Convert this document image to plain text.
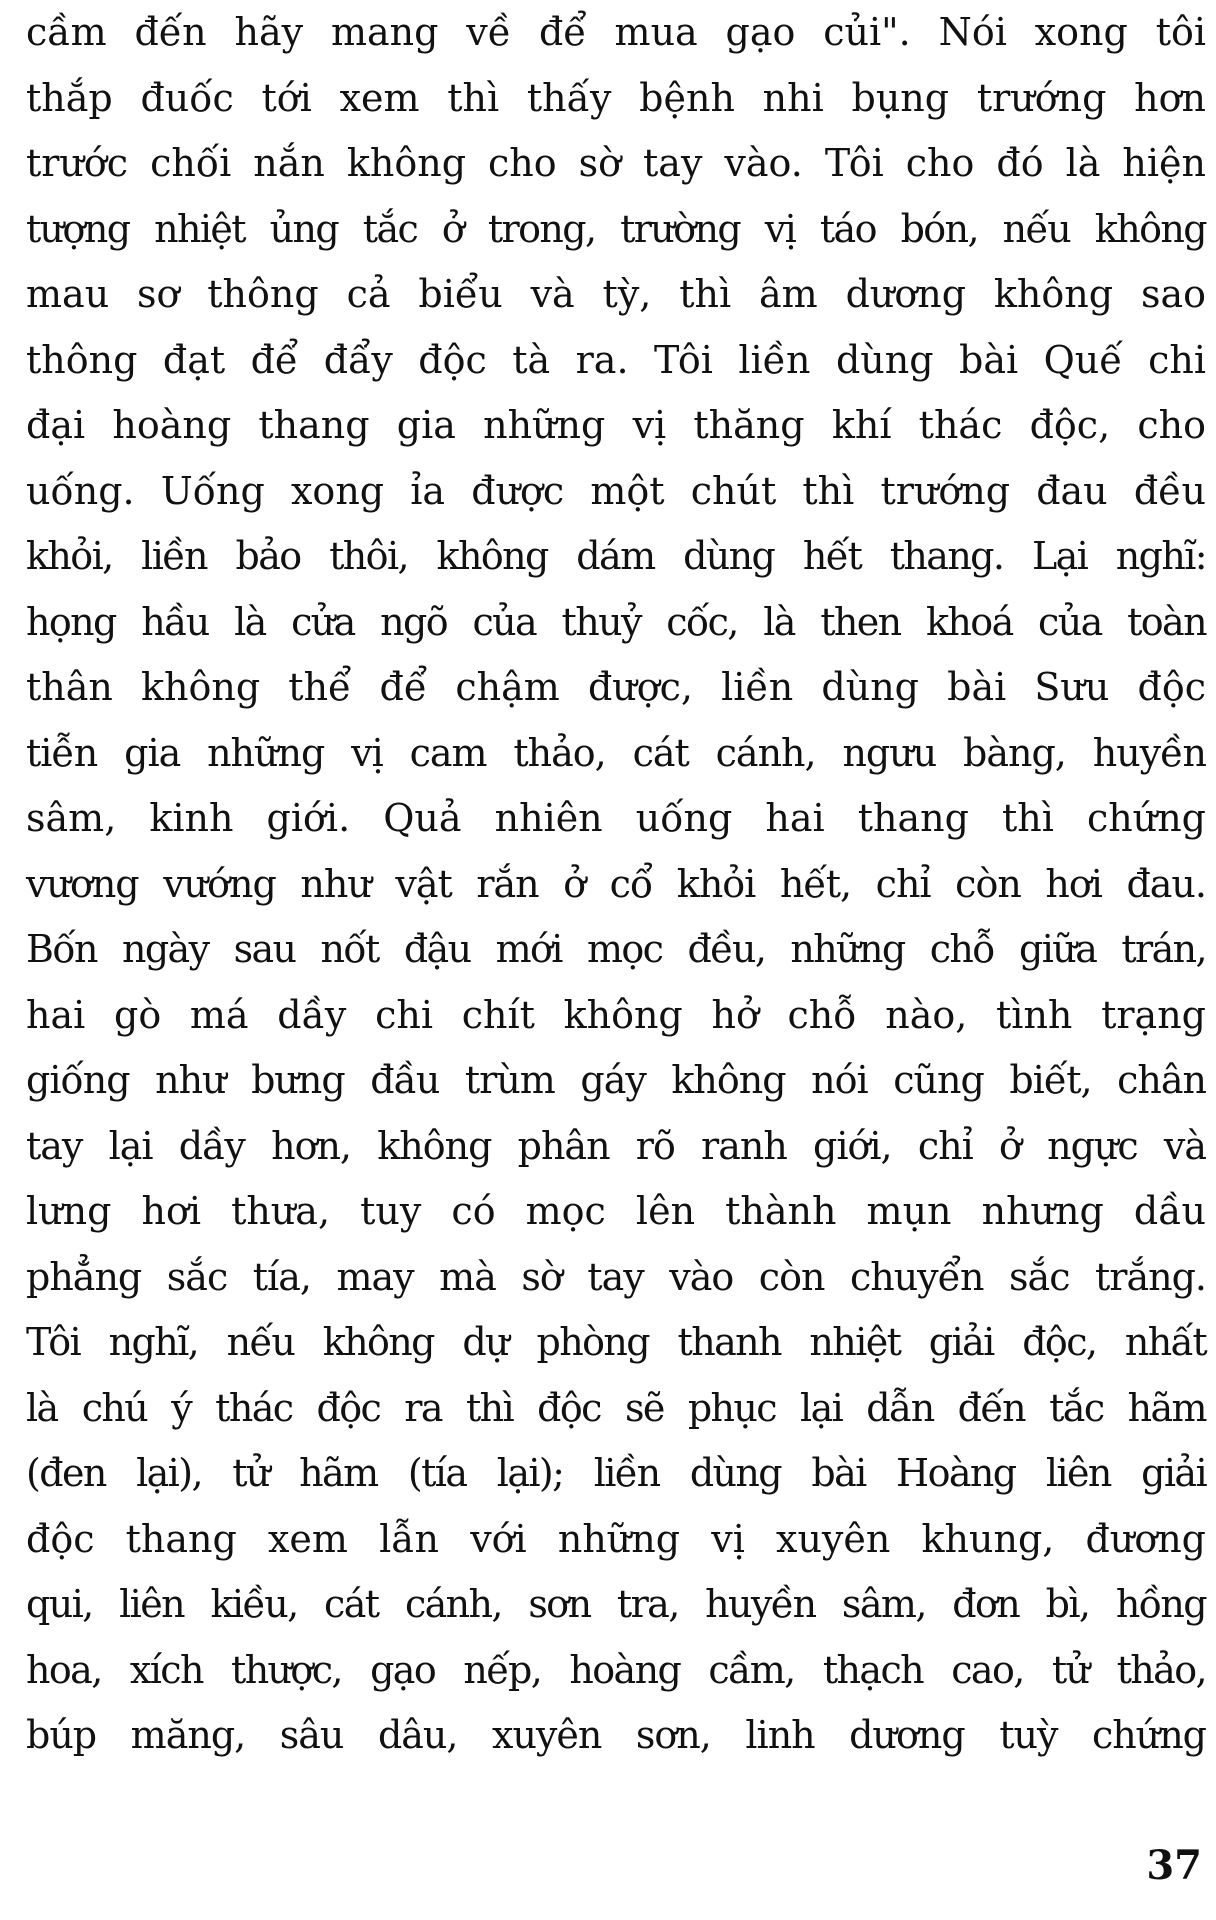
cầm đến hãy mang về để mua gạo củi". Nói xong tôi
thắp đuốc tới xem thì thấy bệnh nhi bụng trướng hơn
trước chối nắn không cho sờ tay vào. Tôi cho đó là hiện
tượng nhiệt ủng tắc ở trong, trường vị táo bón, nếu không
mau sơ thông cả biểu và tỳ, thì âm dương không sao
thông đạt để đẩy độc tà ra. Tôi liền dùng bài Quế chi
đại hoàng thang gia những vị thăng khí thác độc, cho
uống. Uống xong ỉa được một chút thì trướng đau đều
khỏi, liền bảo thôi, không dám dùng hết thang. Lại nghĩ:
họng hầu là cửa ngõ của thuỷ cốc, là then khoá của toàn
thân không thể để chậm được, liền dùng bài Sưu độc
tiễn gia những vị cam thảo, cát cánh, ngưu bàng, huyền
sâm, kinh giới. Quả nhiên uống hai thang thì chứng
vương vướng như vật rắn ở cổ khỏi hết, chỉ còn hơi đau.
Bốn ngày sau nốt đậu mới mọc đều, những chỗ giữa trán,
hai gò má dầy chi chít không hở chỗ nào, tình trạng
giống như bưng đầu trùm gáy không nói cũng biết, chân
tay lại dầy hơn, không phân rõ ranh giới, chỉ ở ngực và
lưng hơi thưa, tuy có mọc lên thành mụn nhưng dầu
phẳng sắc tía, may mà sờ tay vào còn chuyển sắc trắng.
Tôi nghĩ, nếu không dự phòng thanh nhiệt giải độc, nhất
là chú ý thác độc ra thì độc sẽ phục lại dẫn đến tắc hãm
(đen lại), tử hãm (tía lại); liền dùng bài Hoàng liên giải
độc thang xem lẫn với những vị xuyên khung, đương
qui, liên kiều, cát cánh, sơn tra, huyền sâm, đơn bì, hồng
hoa, xích thược, gạo nếp, hoàng cầm, thạch cao, tử thảo,
búp măng, sâu dâu, xuyên sơn, linh dương tuỳ chứng
37
